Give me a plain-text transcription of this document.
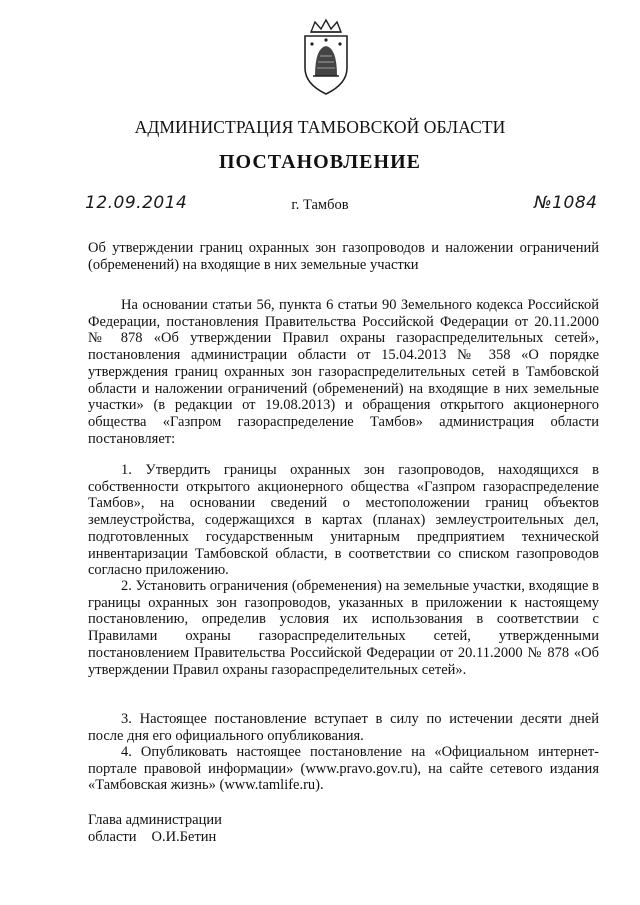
АДМИНИСТРАЦИЯ ТАМБОВСКОЙ ОБЛАСТИ
ПОСТАНОВЛЕНИЕ
12.09.2014	г. Тамбов	№1084
Об утверждении границ охранных зон газопроводов и наложении ограничений (обременений) на входящие в них земельные участки
На основании статьи 56, пункта 6 статьи 90 Земельного кодекса Российской Федерации, постановления Правительства Российской Федерации от 20.11.2000 № 878 «Об утверждении Правил охраны газораспределительных сетей», постановления администрации области от 15.04.2013 № 358 «О порядке утверждения границ охранных зон газораспределительных сетей в Тамбовской области и наложении ограничений (обременений) на входящие в них земельные участки» (в редакции от 19.08.2013) и обращения открытого акционерного общества «Газпром газораспределение Тамбов» администрация области постановляет:
1. Утвердить границы охранных зон газопроводов, находящихся в собственности открытого акционерного общества «Газпром газораспределение Тамбов», на основании сведений о местоположении границ объектов землеустройства, содержащихся в картах (планах) землеустроительных дел, подготовленных государственным унитарным предприятием технической инвентаризации Тамбовской области, в соответствии со списком газопроводов согласно приложению.
2. Установить ограничения (обременения) на земельные участки, входящие в границы охранных зон газопроводов, указанных в приложении к настоящему постановлению, определив условия их использования в соответствии с Правилами охраны газораспределительных сетей, утвержденными постановлением Правительства Российской Федерации от 20.11.2000 № 878 «Об утверждении Правил охраны газораспределительных сетей».
3. Настоящее постановление вступает в силу по истечении десяти дней после дня его официального опубликования.
4. Опубликовать настоящее постановление на «Официальном интернет-портале правовой информации» (www.pravo.gov.ru), на сайте сетевого издания «Тамбовская жизнь» (www.tamlife.ru).
Глава администрации
области О.И.Бетин
